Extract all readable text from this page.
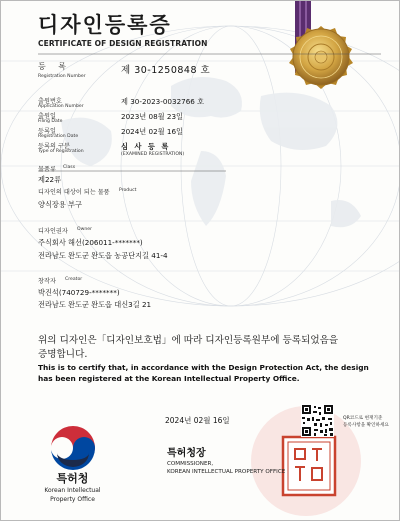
디자인등록증
CERTIFICATE OF DESIGN REGISTRATION
등 록
Registration Number
제 30-1250848 호
출원번호
Application Number
제 30-2023-0032766 호
출원일
Filing Date
2023년 08월 23일
등록일
Registration Date
2024년 02월 16일
등록의 구분
Type of Registration
심 사 등 록
(EXAMINED REGISTRATION)
물품류 Class
제22류
디자인의 대상이 되는 물품 Product
양식장용 부구
디자인권자 Owner
주식회사 해선(206011-*******)
전라남도 완도군 완도읍 농공단지길 41-4
창작자 Creator
박진석(740729-*******)
전라남도 완도군 완도읍 대신3길 21
위의 디자인은「디자인보호법」에 따라 디자인등록원부에 등록되었음을
증명합니다.
This is to certify that, in accordance with the Design Protection Act, the design has been registered at the Korean Intellectual Property Office.
2024년 02월 16일
특허청장
COMMISSIONER,
KOREAN INTELLECTUAL PROPERTY OFFICE
QR코드로 현재기준
등록사항을 확인하세요
특허청
Korean Intellectual
Property Office
